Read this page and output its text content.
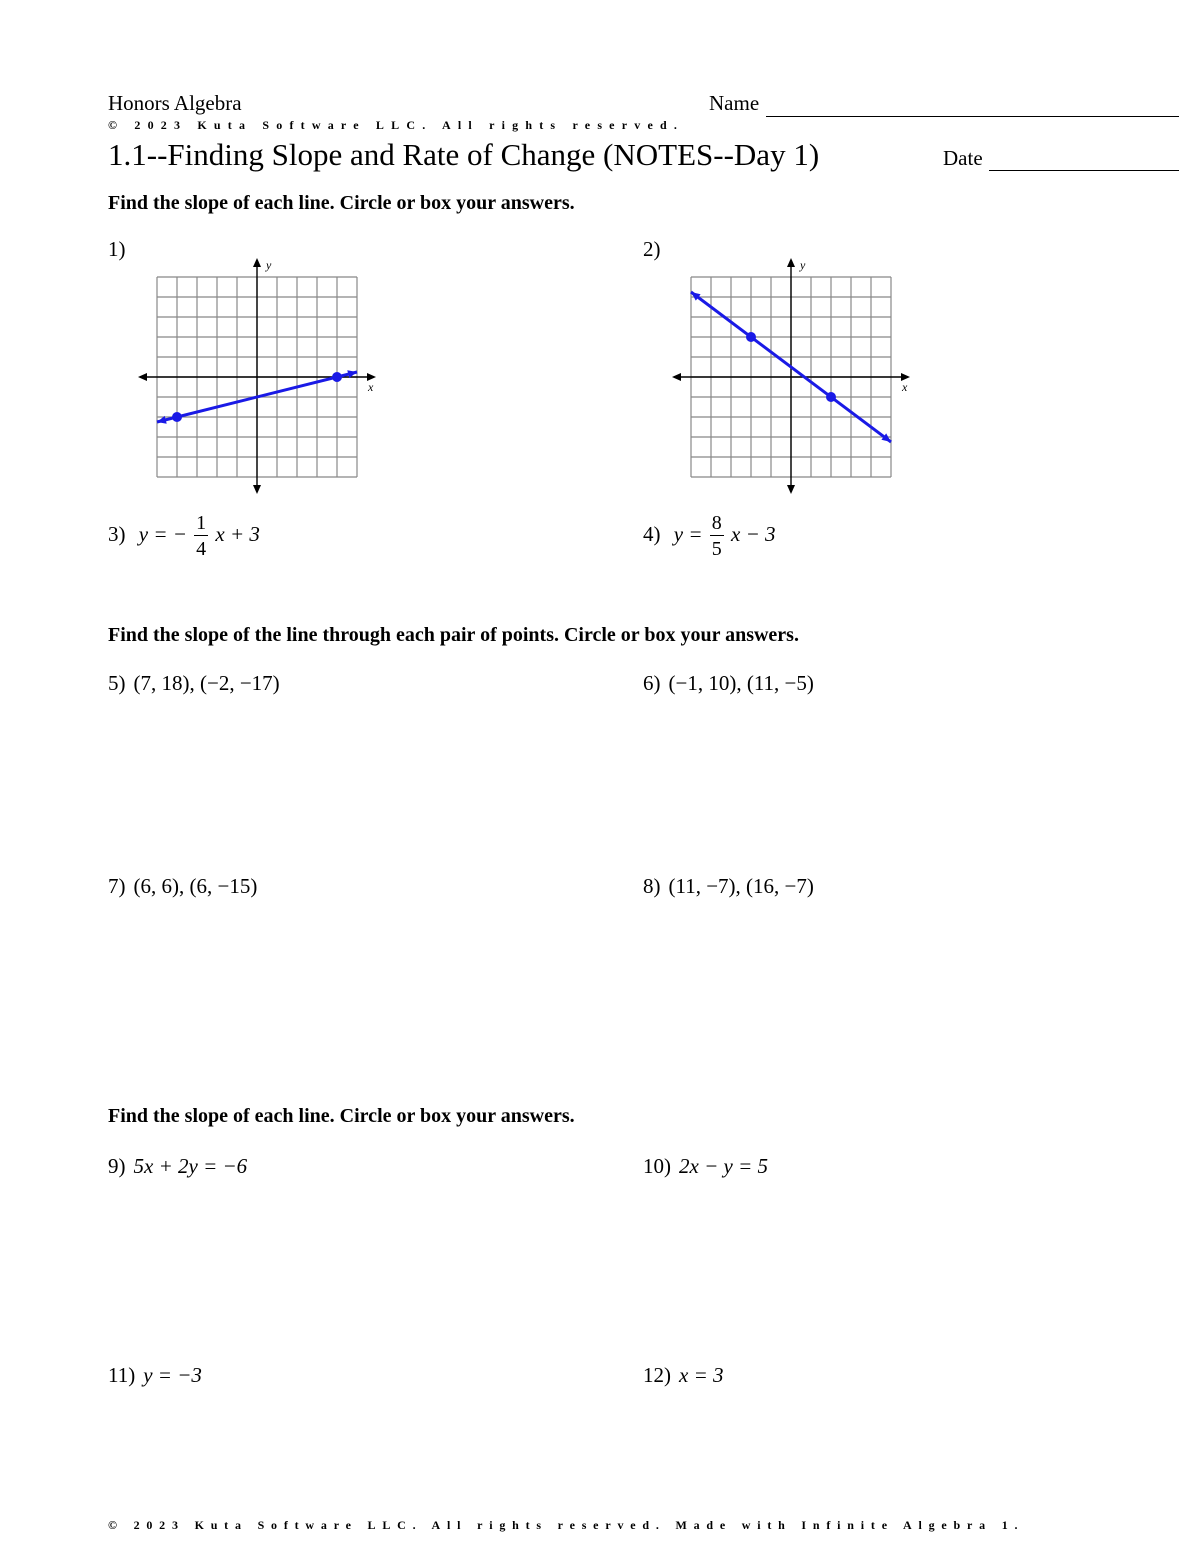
Honors Algebra	Name
© 2023 Kuta Software LLC. All rights reserved.
1.1--Finding Slope and Rate of Change (NOTES--Day 1)	Date
Find the slope of each line. Circle or box your answers.
1)	2)
x
y
x
y
3) y = − $\frac{1}{4}$ x + 3	4) $y = \frac{8}{5}$ x − 3
Find the slope of the line through each pair of points. Circle or box your answers.
5) (7, 18), (−2, −17)	6) (−1, 10), (11, −5)
7) (6, 6), (6, −15)	8) (11, −7), (16, −7)
Find the slope of each line. Circle or box your answers.
9) 5x + 2y = −6	10) 2x − y = 5
11) y = −3	12) x = 3
© 2023 Kuta Software LLC. All rights reserved. Made with Infinite Algebra 1.
